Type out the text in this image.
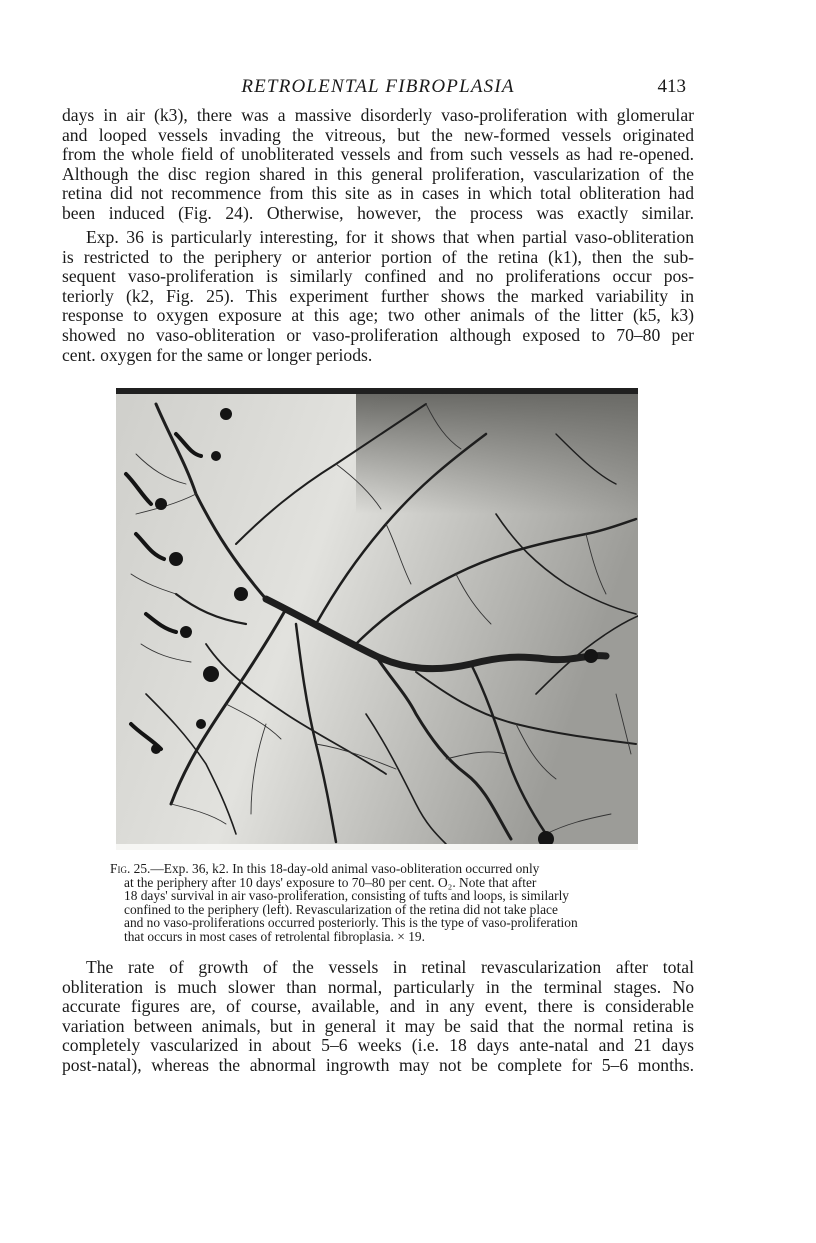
RETROLENTAL FIBROPLASIA	413

days in air (k3), there was a massive disorderly vaso-proliferation with glomerular
and looped vessels invading the vitreous, but the new-formed vessels originated
from the whole field of unobliterated vessels and from such vessels as had re-opened.
Although the disc region shared in this general proliferation, vascularization of the
retina did not recommence from this site as in cases in which total obliteration had
been induced (Fig. 24). Otherwise, however, the process was exactly similar.

Exp. 36 is particularly interesting, for it shows that when partial vaso-obliteration
is restricted to the periphery or anterior portion of the retina (k1), then the sub-
sequent vaso-proliferation is similarly confined and no proliferations occur pos-
teriorly (k2, Fig. 25). This experiment further shows the marked variability in
response to oxygen exposure at this age; two other animals of the litter (k5, k3)
showed no vaso-obliteration or vaso-proliferation although exposed to 70–80 per
cent. oxygen for the same or longer periods.

Fig. 25.—Exp. 36, k2. In this 18-day-old animal vaso-obliteration occurred only
at the periphery after 10 days' exposure to 70–80 per cent. O₂. Note that after
18 days' survival in air vaso-proliferation, consisting of tufts and loops, is similarly
confined to the periphery (left). Revascularization of the retina did not take place
and no vaso-proliferations occurred posteriorly. This is the type of vaso-proliferation
that occurs in most cases of retrolental fibroplasia. × 19.

The rate of growth of the vessels in retinal revascularization after total
obliteration is much slower than normal, particularly in the terminal stages. No
accurate figures are, of course, available, and in any event, there is considerable
variation between animals, but in general it may be said that the normal retina is
completely vascularized in about 5–6 weeks (i.e. 18 days ante-natal and 21 days
post-natal), whereas the abnormal ingrowth may not be complete for 5–6 months.
